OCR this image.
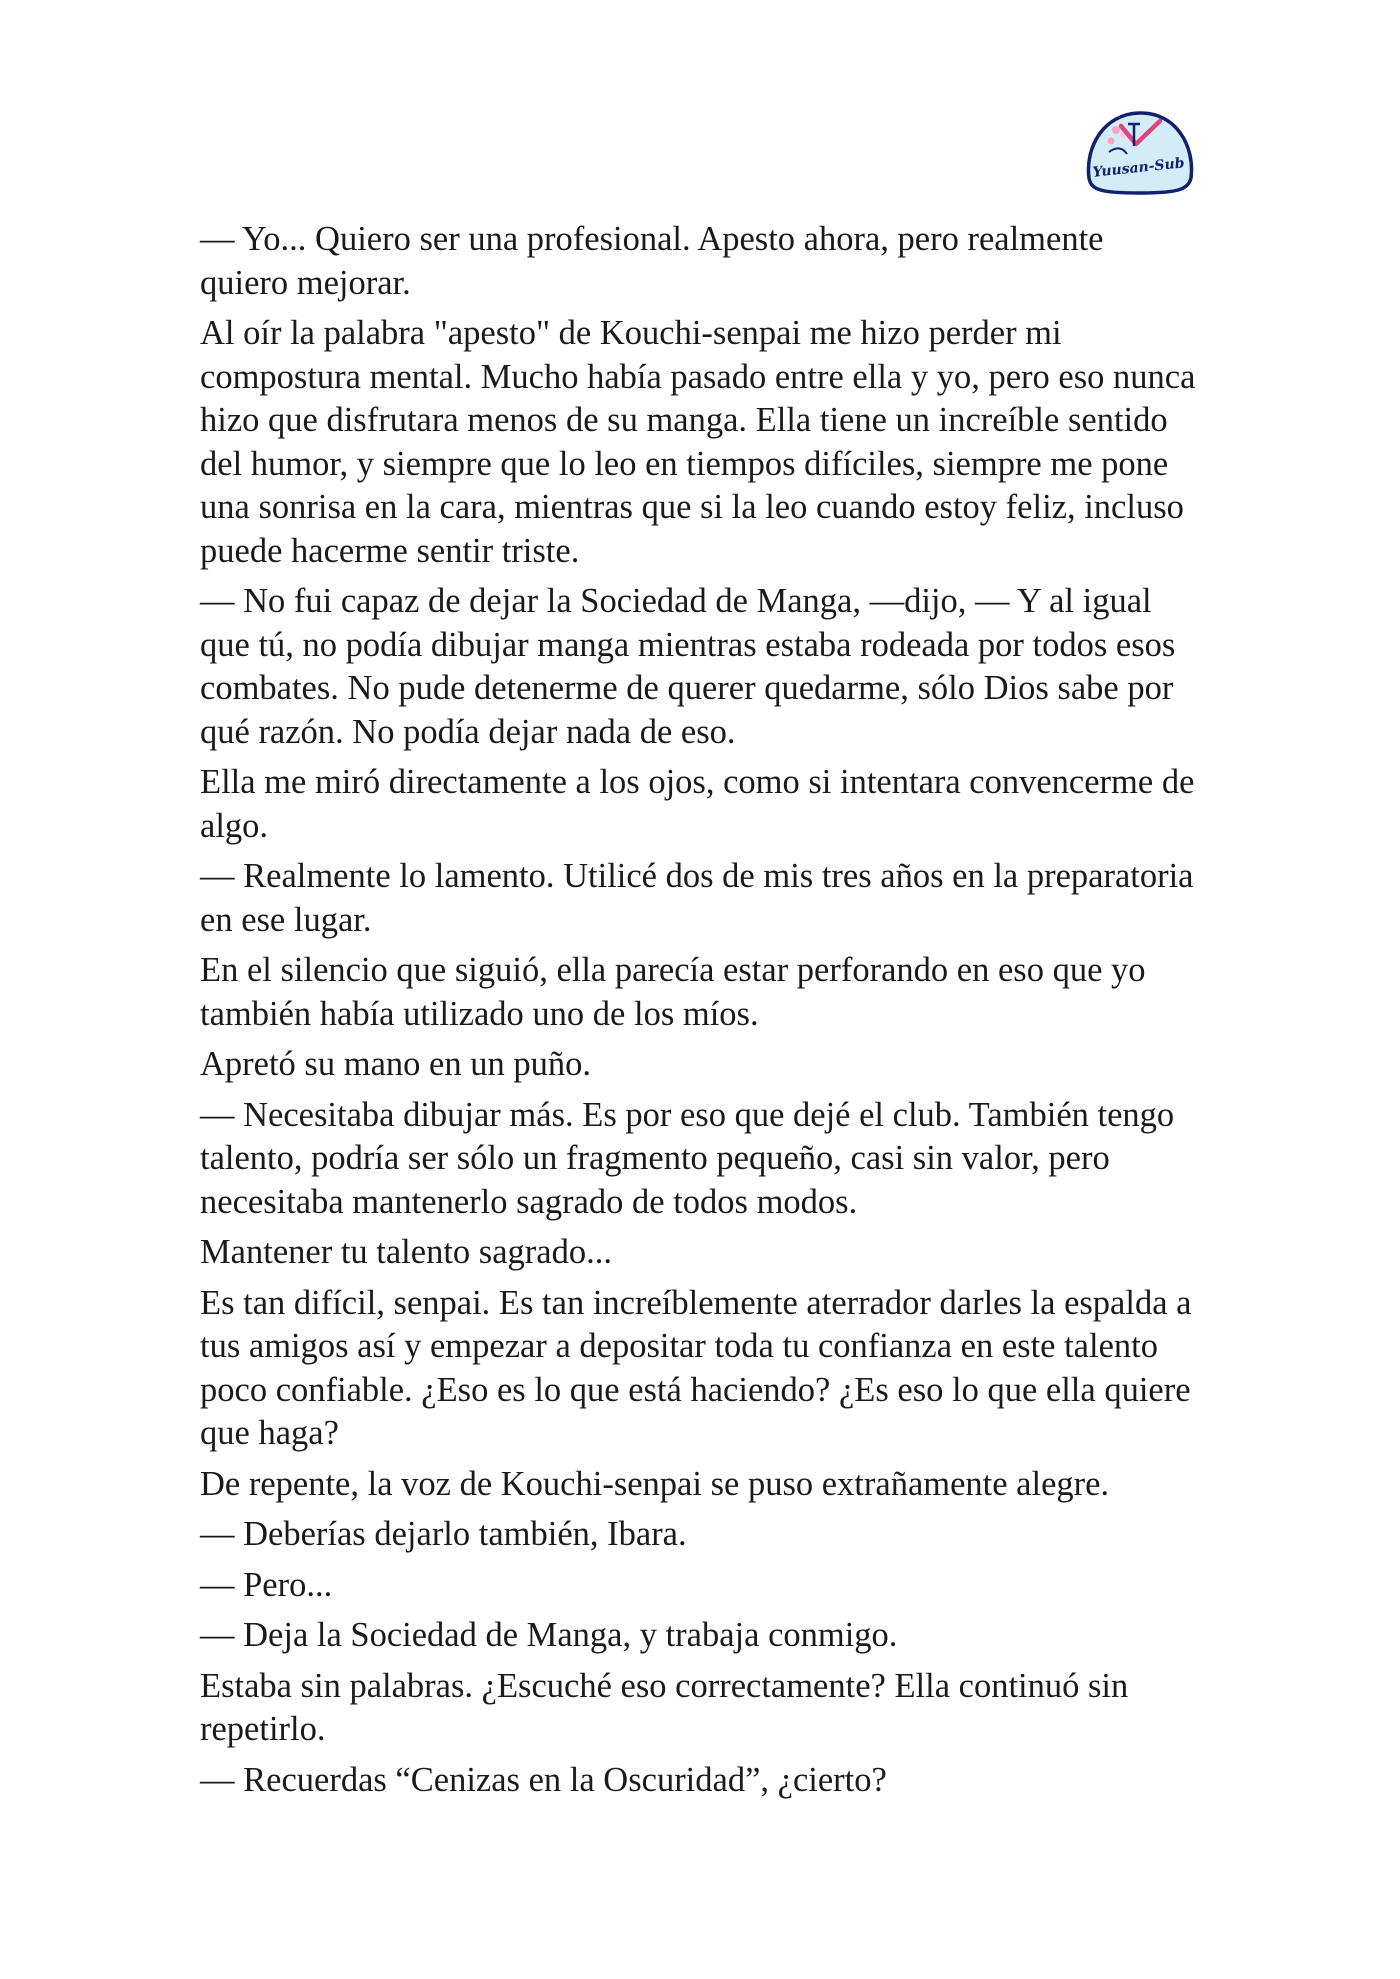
Yuusan-Sub

— Yo... Quiero ser una profesional. Apesto ahora, pero realmente quiero mejorar.

Al oír la palabra "apesto" de Kouchi-senpai me hizo perder mi compostura mental. Mucho había pasado entre ella y yo, pero eso nunca hizo que disfrutara menos de su manga. Ella tiene un increíble sentido del humor, y siempre que lo leo en tiempos difíciles, siempre me pone una sonrisa en la cara, mientras que si la leo cuando estoy feliz, incluso puede hacerme sentir triste.

— No fui capaz de dejar la Sociedad de Manga, —dijo, — Y al igual que tú, no podía dibujar manga mientras estaba rodeada por todos esos combates. No pude detenerme de querer quedarme, sólo Dios sabe por qué razón. No podía dejar nada de eso.

Ella me miró directamente a los ojos, como si intentara convencerme de algo.

— Realmente lo lamento. Utilicé dos de mis tres años en la preparatoria en ese lugar.

En el silencio que siguió, ella parecía estar perforando en eso que yo también había utilizado uno de los míos.

Apretó su mano en un puño.

— Necesitaba dibujar más. Es por eso que dejé el club. También tengo talento, podría ser sólo un fragmento pequeño, casi sin valor, pero necesitaba mantenerlo sagrado de todos modos.

Mantener tu talento sagrado...

Es tan difícil, senpai. Es tan increíblemente aterrador darles la espalda a tus amigos así y empezar a depositar toda tu confianza en este talento poco confiable. ¿Eso es lo que está haciendo? ¿Es eso lo que ella quiere que haga?

De repente, la voz de Kouchi-senpai se puso extrañamente alegre.

— Deberías dejarlo también, Ibara.

— Pero...

— Deja la Sociedad de Manga, y trabaja conmigo.

Estaba sin palabras. ¿Escuché eso correctamente? Ella continuó sin repetirlo.

— Recuerdas “Cenizas en la Oscuridad”, ¿cierto?
